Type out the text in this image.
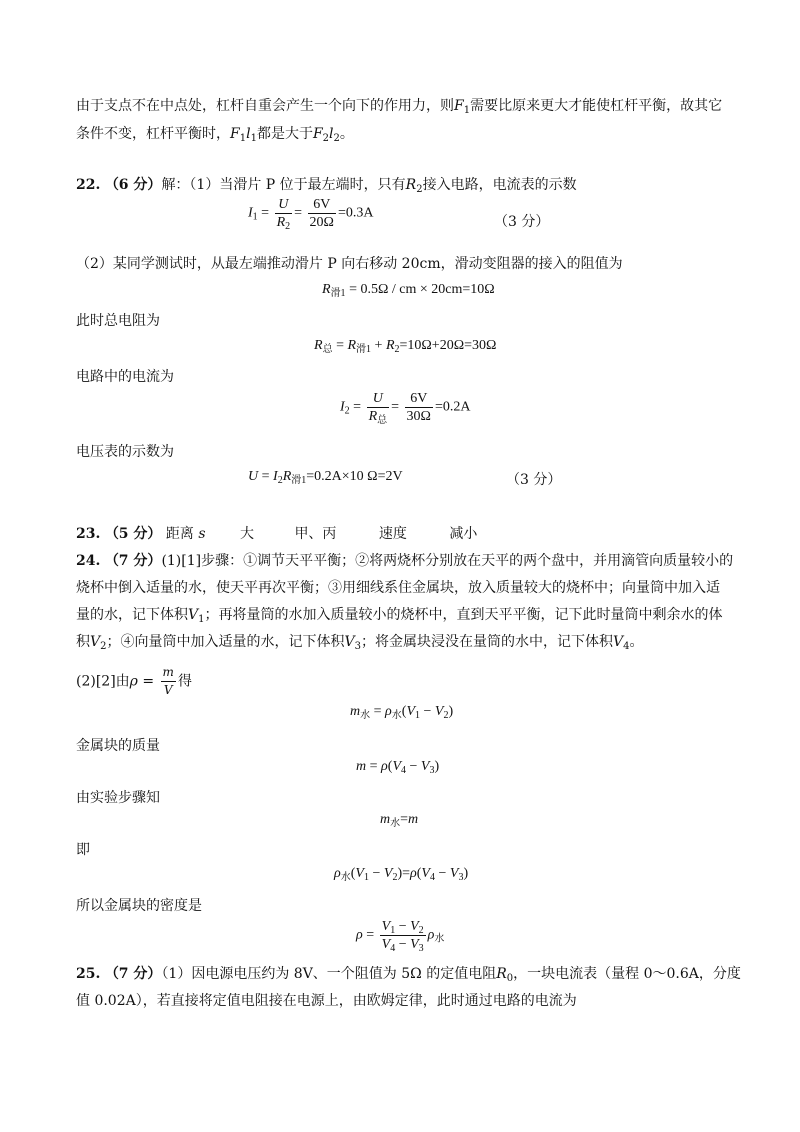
由于支点不在中点处，杠杆自重会产生一个向下的作用力，则$F_1$需要比原来更大才能使杠杆平衡，故其它
条件不变，杠杆平衡时，$F_1l_1$都是大于$F_2l_2$。
22. （6 分）解：（1）当滑片 P 位于最左端时，只有$R_2$接入电路，电流表的示数
$I_1 = \frac{U}{R_2} = \frac{6V}{20\Omega} =0.3A$
（3 分）
（2）某同学测试时，从最左端推动滑片 P 向右移动 20cm，滑动变阻器的接入的阻值为
$R_{滑1} = 0.5\Omega$ / cm × 20cm=10Ω
此时总电阻为
$R_总 = R_{滑1} + R_2=10\Omega+20\Omega=30\Omega$
电路中的电流为
$I_2 = \frac{U}{R_总} = \frac{6V}{30\Omega} =0.2A$
电压表的示数为
$U = I_2R_{滑1}=0.2A\times 10$ Ω=2V	（3 分）
23. （5 分） 距离 s 大	甲、丙	速度	减小
24. （7 分）(1)[1]步骤：①调节天平平衡；②将两烧杯分别放在天平的两个盘中，并用滴管向质量较小的
烧杯中倒入适量的水，使天平再次平衡；③用细线系住金属块，放入质量较大的烧杯中；向量筒中加入适
量的水，记下体积$V_1$；再将量筒的水加入质量较小的烧杯中，直到天平平衡，记下此时量筒中剩余水的体
积$V_2$；④向量筒中加入适量的水，记下体积$V_3$；将金属块浸没在量筒的水中，记下体积$V_4$。
(2)[2]由$\rho = \frac{m}{V}$ 得
$m_水 = \rho_水(V_1 - V_2)$
金属块的质量
$m = \rho(V_4 - V_3)$
由实验步骤知
$m_水=m$
即
$\rho_水(V_1 - V_2)=\rho(V_4 - V_3)$
所以金属块的密度是
$\rho = \frac{V_1 - V_2}{V_4 - V_3} \rho_水$
25. （7 分）（1）因电源电压约为 8V、一个阻值为 5Ω 的定值电阻$R_0$，一块电流表（量程 0～0.6A，分度
值 0.02A），若直接将定值电阻接在电源上，由欧姆定律，此时通过电路的电流为
